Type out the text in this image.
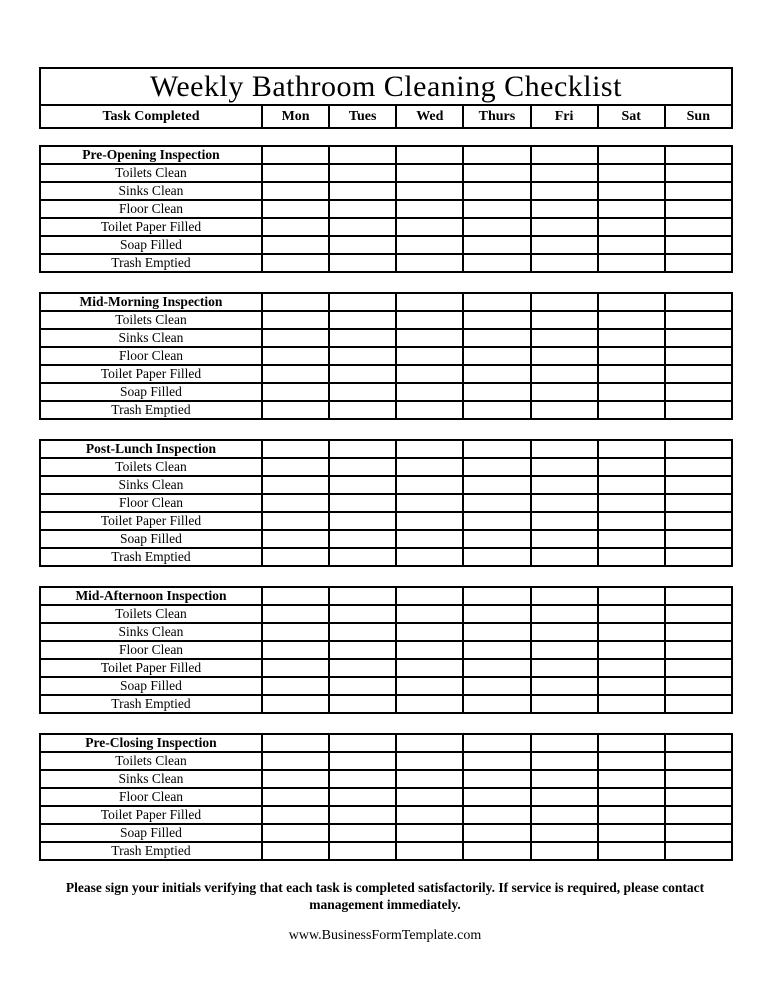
Weekly Bathroom Cleaning Checklist
Task Completed	Mon	Tues	Wed	Thurs	Fri	Sat	Sun
Pre-Opening Inspection							
Toilets Clean							
Sinks Clean							
Floor Clean							
Toilet Paper Filled							
Soap Filled							
Trash Emptied							
Mid-Morning Inspection							
Toilets Clean							
Sinks Clean							
Floor Clean							
Toilet Paper Filled							
Soap Filled							
Trash Emptied							
Post-Lunch Inspection							
Toilets Clean							
Sinks Clean							
Floor Clean							
Toilet Paper Filled							
Soap Filled							
Trash Emptied							
Mid-Afternoon Inspection							
Toilets Clean							
Sinks Clean							
Floor Clean							
Toilet Paper Filled							
Soap Filled							
Trash Emptied							
Pre-Closing Inspection							
Toilets Clean							
Sinks Clean							
Floor Clean							
Toilet Paper Filled							
Soap Filled							
Trash Emptied							

Please sign your initials verifying that each task is completed satisfactorily. If service is required, please contact management immediately.

www.BusinessFormTemplate.com
